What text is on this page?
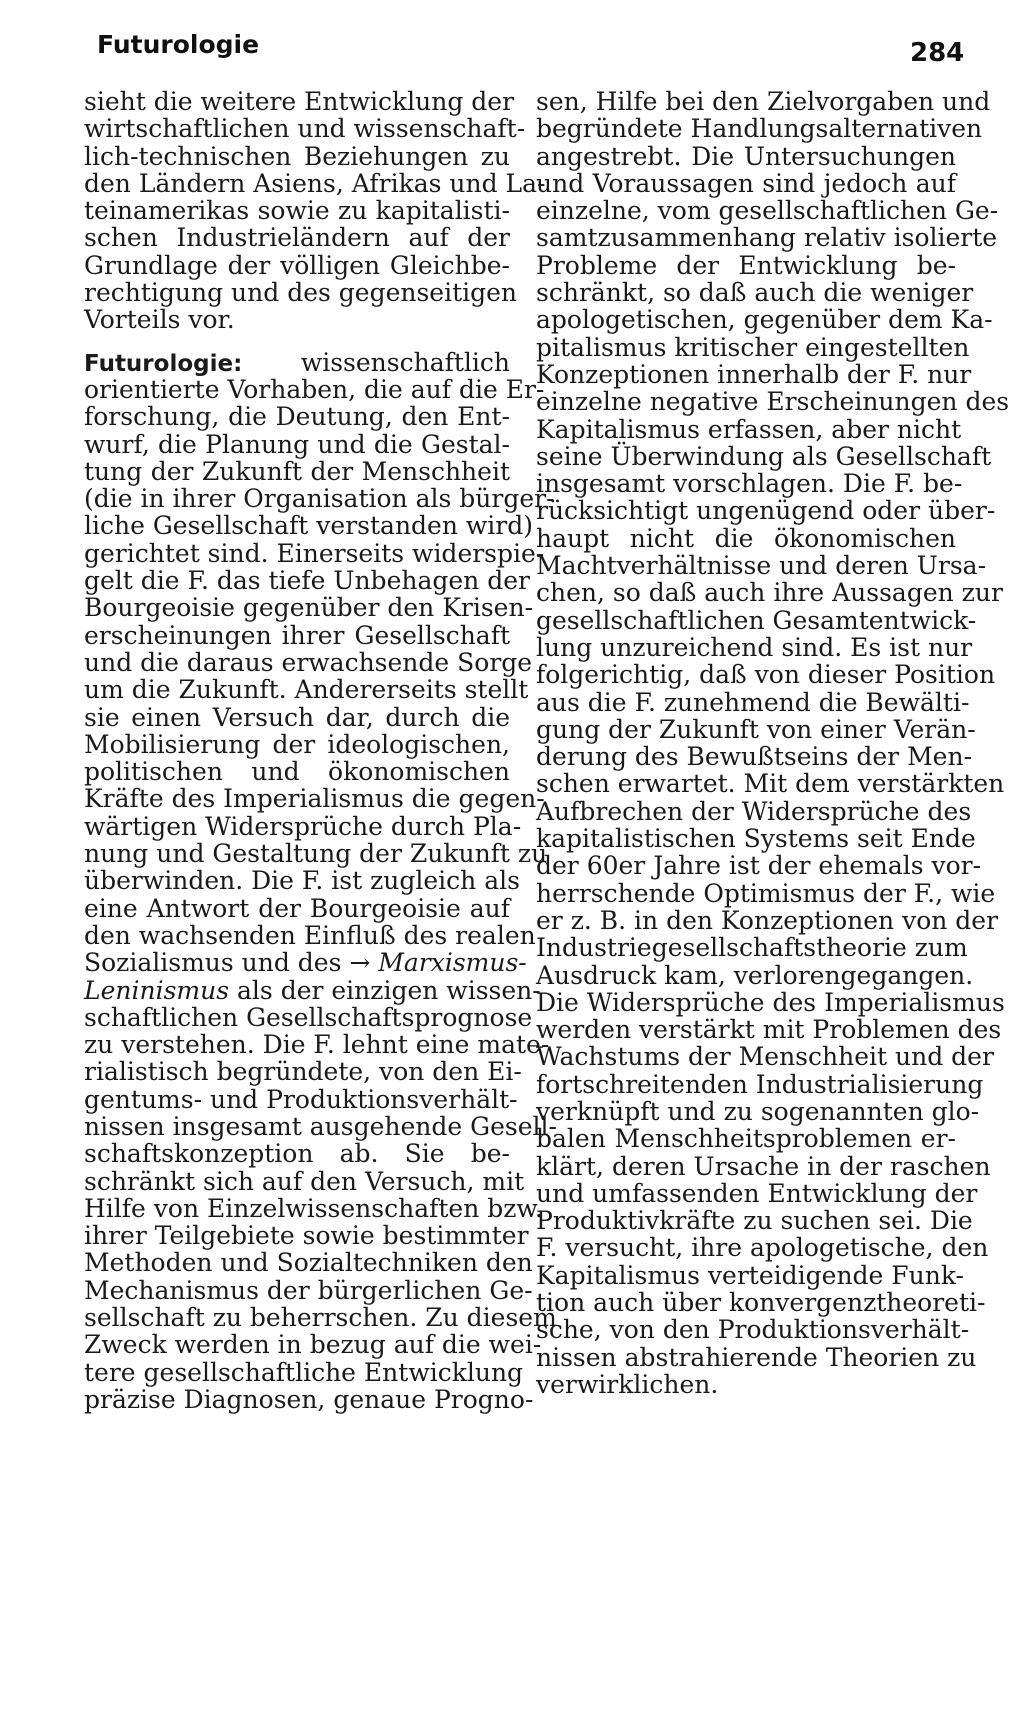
Futurologie	284
sieht die weitere Entwicklung der
wirtschaftlichen und wissenschaft-
lich-technischen Beziehungen zu
den Ländern Asiens, Afrikas und La-
teinamerikas sowie zu kapitalisti-
schen Industrieländern auf der
Grundlage der völligen Gleichbe-
rechtigung und des gegenseitigen
Vorteils vor.
Futurologie: wissenschaftlich
orientierte Vorhaben, die auf die Er-
forschung, die Deutung, den Ent-
wurf, die Planung und die Gestal-
tung der Zukunft der Menschheit
(die in ihrer Organisation als bürger-
liche Gesellschaft verstanden wird)
gerichtet sind. Einerseits widerspie-
gelt die F. das tiefe Unbehagen der
Bourgeoisie gegenüber den Krisen-
erscheinungen ihrer Gesellschaft
und die daraus erwachsende Sorge
um die Zukunft. Andererseits stellt
sie einen Versuch dar, durch die
Mobilisierung der ideologischen,
politischen und ökonomischen
Kräfte des Imperialismus die gegen-
wärtigen Widersprüche durch Pla-
nung und Gestaltung der Zukunft zu
überwinden. Die F. ist zugleich als
eine Antwort der Bourgeoisie auf
den wachsenden Einfluß des realen
Sozialismus und des → Marxismus-
Leninismus als der einzigen wissen-
schaftlichen Gesellschaftsprognose
zu verstehen. Die F. lehnt eine mate-
rialistisch begründete, von den Ei-
gentums- und Produktionsverhält-
nissen insgesamt ausgehende Gesell-
schaftskonzeption ab. Sie be-
schränkt sich auf den Versuch, mit
Hilfe von Einzelwissenschaften bzw.
ihrer Teilgebiete sowie bestimmter
Methoden und Sozialtechniken den
Mechanismus der bürgerlichen Ge-
sellschaft zu beherrschen. Zu diesem
Zweck werden in bezug auf die wei-
tere gesellschaftliche Entwicklung
präzise Diagnosen, genaue Progno-
sen, Hilfe bei den Zielvorgaben und
begründete Handlungsalternativen
angestrebt. Die Untersuchungen
und Voraussagen sind jedoch auf
einzelne, vom gesellschaftlichen Ge-
samtzusammenhang relativ isolierte
Probleme der Entwicklung be-
schränkt, so daß auch die weniger
apologetischen, gegenüber dem Ka-
pitalismus kritischer eingestellten
Konzeptionen innerhalb der F. nur
einzelne negative Erscheinungen des
Kapitalismus erfassen, aber nicht
seine Überwindung als Gesellschaft
insgesamt vorschlagen. Die F. be-
rücksichtigt ungenügend oder über-
haupt nicht die ökonomischen
Machtverhältnisse und deren Ursa-
chen, so daß auch ihre Aussagen zur
gesellschaftlichen Gesamtentwick-
lung unzureichend sind. Es ist nur
folgerichtig, daß von dieser Position
aus die F. zunehmend die Bewälti-
gung der Zukunft von einer Verän-
derung des Bewußtseins der Men-
schen erwartet. Mit dem verstärkten
Aufbrechen der Widersprüche des
kapitalistischen Systems seit Ende
der 60er Jahre ist der ehemals vor-
herrschende Optimismus der F., wie
er z. B. in den Konzeptionen von der
Industriegesellschaftstheorie zum
Ausdruck kam, verlorengegangen.
Die Widersprüche des Imperialismus
werden verstärkt mit Problemen des
Wachstums der Menschheit und der
fortschreitenden Industrialisierung
verknüpft und zu sogenannten glo-
balen Menschheitsproblemen er-
klärt, deren Ursache in der raschen
und umfassenden Entwicklung der
Produktivkräfte zu suchen sei. Die
F. versucht, ihre apologetische, den
Kapitalismus verteidigende Funk-
tion auch über konvergenztheoreti-
sche, von den Produktionsverhält-
nissen abstrahierende Theorien zu
verwirklichen.
